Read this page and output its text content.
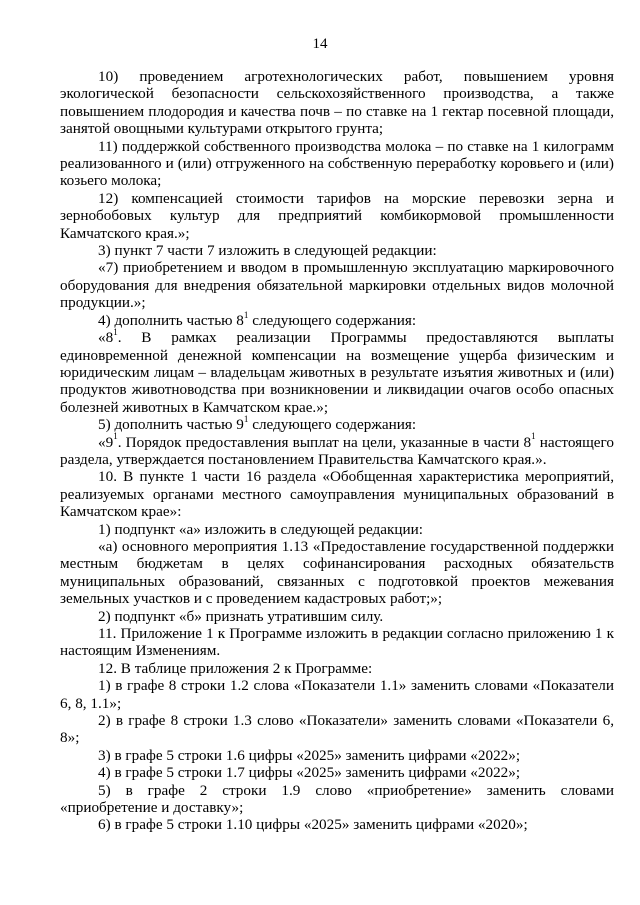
14

10) проведением агротехнологических работ, повышением уровня экологической безопасности сельскохозяйственного производства, а также повышением плодородия и качества почв – по ставке на 1 гектар посевной площади, занятой овощными культурами открытого грунта;

11) поддержкой собственного производства молока – по ставке на 1 килограмм реализованного и (или) отгруженного на собственную переработку коровьего и (или) козьего молока;

12) компенсацией стоимости тарифов на морские перевозки зерна и зернобобовых культур для предприятий комбикормовой промышленности Камчатского края.»;

3) пункт 7 части 7 изложить в следующей редакции:

«7) приобретением и вводом в промышленную эксплуатацию маркировочного оборудования для внедрения обязательной маркировки отдельных видов молочной продукции.»;

4) дополнить частью $8^1$ следующего содержания:

«$8^1$. В рамках реализации Программы предоставляются выплаты единовременной денежной компенсации на возмещение ущерба физическим и юридическим лицам – владельцам животных в результате изъятия животных и (или) продуктов животноводства при возникновении и ликвидации очагов особо опасных болезней животных в Камчатском крае.»;

5) дополнить частью $9^1$ следующего содержания:

«$9^1$. Порядок предоставления выплат на цели, указанные в части $8^1$ настоящего раздела, утверждается постановлением Правительства Камчатского края.».

10. В пункте 1 части 16 раздела «Обобщенная характеристика мероприятий, реализуемых органами местного самоуправления муниципальных образований в Камчатском крае»:

1) подпункт «а» изложить в следующей редакции:

«а) основного мероприятия 1.13 «Предоставление государственной поддержки местным бюджетам в целях софинансирования расходных обязательств муниципальных образований, связанных с подготовкой проектов межевания земельных участков и с проведением кадастровых работ;»;

2) подпункт «б» признать утратившим силу.

11. Приложение 1 к Программе изложить в редакции согласно приложению 1 к настоящим Изменениям.

12. В таблице приложения 2 к Программе:

1) в графе 8 строки 1.2 слова «Показатели 1.1» заменить словами «Показатели 6, 8, 1.1»;

2) в графе 8 строки 1.3 слово «Показатели» заменить словами «Показатели 6, 8»;

3) в графе 5 строки 1.6 цифры «2025» заменить цифрами «2022»;

4) в графе 5 строки 1.7 цифры «2025» заменить цифрами «2022»;

5) в графе 2 строки 1.9 слово «приобретение» заменить словами «приобретение и доставку»;

6) в графе 5 строки 1.10 цифры «2025» заменить цифрами «2020»;
